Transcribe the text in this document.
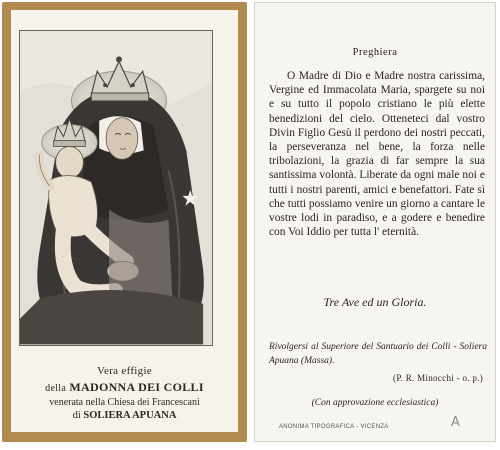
Vera effigie
della MADONNA DEI COLLI
venerata nella Chiesa dei Francescani
di SOLIERA APUANA
Preghiera

O Madre di Dio e Madre nostra carissima, Vergine ed Immacolata Maria, spargete su noi e su tutto il popolo cristiano le più elette benedizioni del cielo. Otteneteci dal vostro Divin Figlio Gesù il perdono dei nostri peccati, la perseveranza nel bene, la forza nelle tribolazioni, la grazia di far sempre la sua santissima volontà. Liberate da ogni male noi e tutti i nostri parenti, amici e benefattori. Fate sì che tutti possiamo venire un giorno a cantare le vostre lodi in paradiso, e a godere e benedire con Voi Iddio per tutta l' eternità.

Tre Ave ed un Gloria.

Rivolgersi al Superiore del Santuario dei Colli - Soliera Apuana (Massa).

(P. R. Minocchi - o. p.)
(Con approvazione ecclesiastica)
ANONIMA TIPOGRAFICA - VICENZA	A
